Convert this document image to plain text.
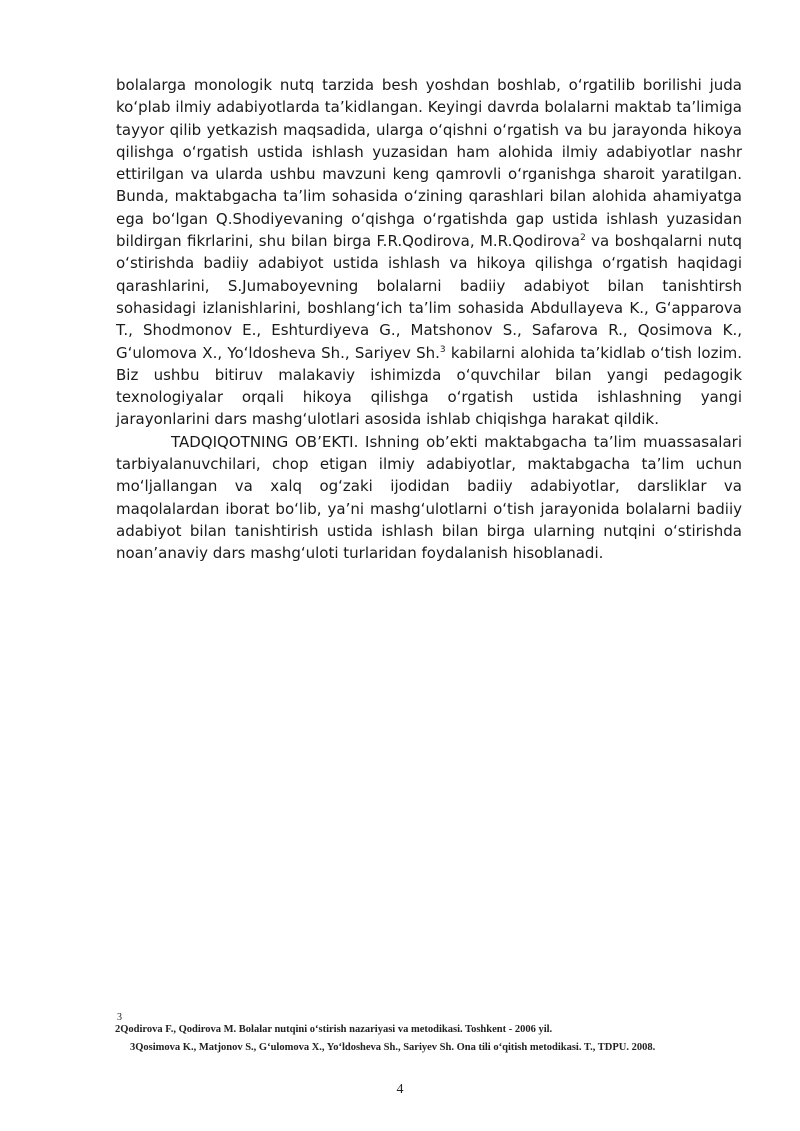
bolalarga monologik nutq tarzida besh yoshdan boshlab, oʻrgatilib borilishi juda koʻplab ilmiy adabiyotlarda taʼkidlangan. Keyingi davrda bolalarni maktab taʼlimiga tayyor qilib yetkazish maqsadida, ularga oʻqishni oʻrgatish va bu jarayonda hikoya qilishga oʻrgatish ustida ishlash yuzasidan ham alohida ilmiy adabiyotlar nashr ettirilgan va ularda ushbu mavzuni keng qamrovli oʻrganishga sharoit yaratilgan. Bunda, maktabgacha taʼlim sohasida oʻzining qarashlari bilan alohida ahamiyatga ega boʻlgan Q.Shodiyevaning oʻqishga oʻrgatishda gap ustida ishlash yuzasidan bildirgan fikrlarini, shu bilan birga F.R.Qodirova, M.R.Qodirova$^2$ va boshqalarni nutq oʻstirishda badiiy adabiyot ustida ishlash va hikoya qilishga oʻrgatish haqidagi qarashlarini, S.Jumaboyevning bolalarni badiiy adabiyot bilan tanishtirsh sohasidagi izlanishlarini, boshlangʻich taʼlim sohasida Abdullayeva K., Gʻapparova T., Shodmonov E., Eshturdiyeva G., Matshonov S., Safarova R., Qosimova K., Gʻulomova X., Yoʻldosheva Sh., Sariyev Sh.$^3$ kabilarni alohida taʼkidlab oʻtish lozim. Biz ushbu bitiruv malakaviy ishimizda oʻquvchilar bilan yangi pedagogik texnologiyalar orqali hikoya qilishga oʻrgatish ustida ishlashning yangi jarayonlarini dars mashgʻulotlari asosida ishlab chiqishga harakat qildik.

TADQIQOTNING OBʼEKTI. Ishning obʼekti maktabgacha taʼlim muassasalari tarbiyalanuvchilari, chop etigan ilmiy adabiyotlar, maktabgacha taʼlim uchun moʻljallangan va xalq ogʻzaki ijodidan badiiy adabiyotlar, darsliklar va maqolalardan iborat boʻlib, yaʼni mashgʻulotlarni oʻtish jarayonida bolalarni badiiy adabiyot bilan tanishtirish ustida ishlash bilan birga ularning nutqini oʻstirishda noanʼanaviy dars mashgʻuloti turlaridan foydalanish hisoblanadi.

3
2Qodirova F., Qodirova M. Bolalar nutqini oʻstirish nazariyasi va metodikasi. Toshkent - 2006 yil.
3Qosimova K., Matjonov S., Gʻulomova X., Yoʻldosheva Sh., Sariyev Sh. Ona tili oʻqitish metodikasi. T., TDPU. 2008.
4
